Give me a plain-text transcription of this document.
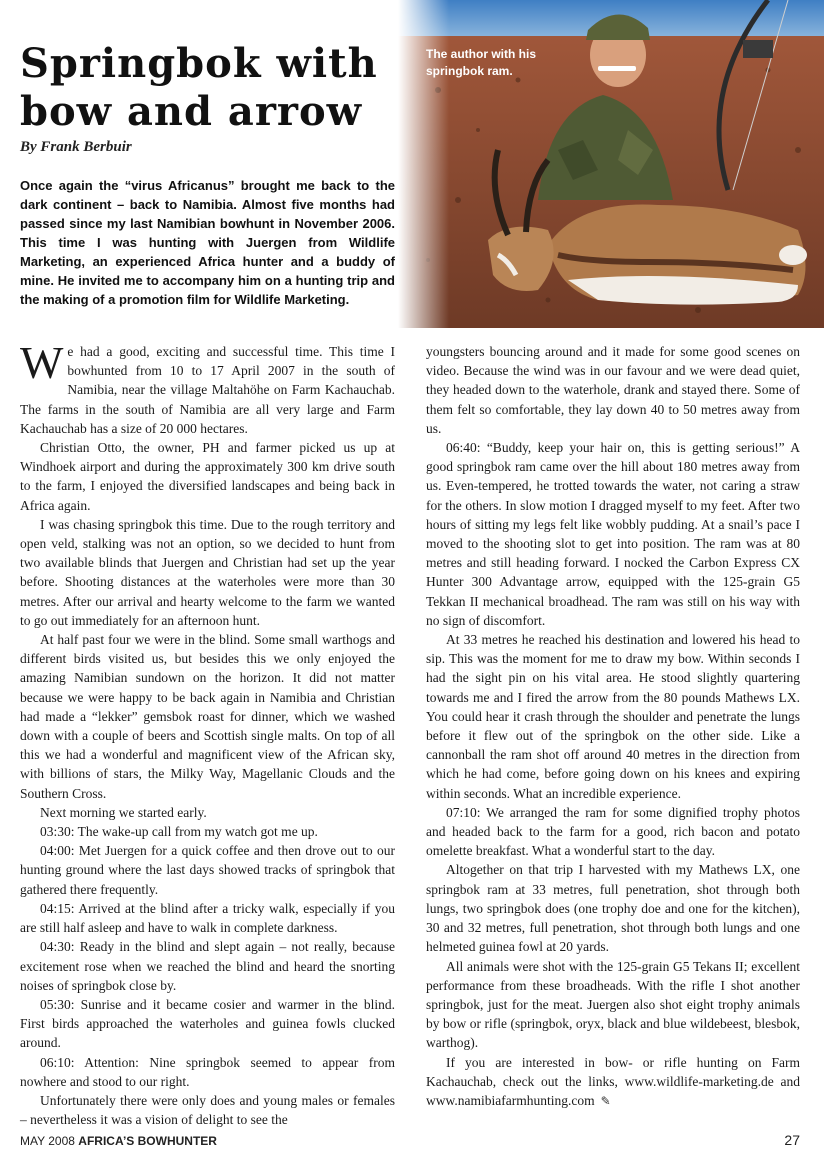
Springbok with bow and arrow
By Frank Berbuir

Once again the “virus Africanus” brought me back to the dark continent – back to Namibia. Almost five months had passed since my last Namibian bowhunt in November 2006. This time I was hunting with Juergen from Wildlife Marketing, an experienced Africa hunter and a buddy of mine. He invited me to accompany him on a hunting trip and the making of a promotion film for Wildlife Marketing.

The author with his springbok ram.

We had a good, exciting and successful time. This time I bowhunted from 10 to 17 April 2007 in the south of Namibia, near the village Maltahöhe on Farm Kachauchab. The farms in the south of Namibia are all very large and Farm Kachauchab has a size of 20 000 hectares.

Christian Otto, the owner, PH and farmer picked us up at Windhoek airport and during the approximately 300 km drive south to the farm, I enjoyed the diversified landscapes and being back in Africa again.

I was chasing springbok this time. Due to the rough territory and open veld, stalking was not an option, so we decided to hunt from two available blinds that Juergen and Christian had set up the year before. Shooting distances at the waterholes were more than 30 metres. After our arrival and hearty welcome to the farm we wanted to go out immediately for an afternoon hunt.

At half past four we were in the blind. Some small warthogs and different birds visited us, but besides this we only enjoyed the amazing Namibian sundown on the horizon. It did not matter because we were happy to be back again in Namibia and Christian had made a “lekker” gemsbok roast for dinner, which we washed down with a couple of beers and Scottish single malts. On top of all this we had a wonderful and magnificent view of the African sky, with billions of stars, the Milky Way, Magellanic Clouds and the Southern Cross.

Next morning we started early.

03:30: The wake-up call from my watch got me up.

04:00: Met Juergen for a quick coffee and then drove out to our hunting ground where the last days showed tracks of springbok that gathered there frequently.

04:15: Arrived at the blind after a tricky walk, especially if you are still half asleep and have to walk in complete darkness.

04:30: Ready in the blind and slept again – not really, because excitement rose when we reached the blind and heard the snorting noises of springbok close by.

05:30: Sunrise and it became cosier and warmer in the blind. First birds approached the waterholes and guinea fowls clucked around.

06:10: Attention: Nine springbok seemed to appear from nowhere and stood to our right.

Unfortunately there were only does and young males or females – nevertheless it was a vision of delight to see the

youngsters bouncing around and it made for some good scenes on video. Because the wind was in our favour and we were dead quiet, they headed down to the waterhole, drank and stayed there. Some of them felt so comfortable, they lay down 40 to 50 metres away from us.

06:40: “Buddy, keep your hair on, this is getting serious!” A good springbok ram came over the hill about 180 metres away from us. Even-tempered, he trotted towards the water, not caring a straw for the others. In slow motion I dragged myself to my feet. After two hours of sitting my legs felt like wobbly pudding. At a snail’s pace I moved to the shooting slot to get into position. The ram was at 80 metres and still heading forward. I nocked the Carbon Express CX Hunter 300 Advantage arrow, equipped with the 125-grain G5 Tekkan II mechanical broadhead. The ram was still on his way with no sign of discomfort.

At 33 metres he reached his destination and lowered his head to sip. This was the moment for me to draw my bow. Within seconds I had the sight pin on his vital area. He stood slightly quartering towards me and I fired the arrow from the 80 pounds Mathews LX. You could hear it crash through the shoulder and penetrate the lungs before it flew out of the springbok on the other side. Like a cannonball the ram shot off around 40 metres in the direction from which he had come, before going down on his knees and expiring within seconds. What an incredible experience.

07:10: We arranged the ram for some dignified trophy photos and headed back to the farm for a good, rich bacon and potato omelette breakfast. What a wonderful start to the day.

Altogether on that trip I harvested with my Mathews LX, one springbok ram at 33 metres, full penetration, shot through both lungs, two springbok does (one trophy doe and one for the kitchen), 30 and 32 metres, full penetration, shot through both lungs and one helmeted guinea fowl at 20 yards.

All animals were shot with the 125-grain G5 Tekans II; excellent performance from these broadheads. With the rifle I shot another springbok, just for the meat. Juergen also shot eight trophy animals by bow or rifle (springbok, oryx, black and blue wildebeest, blesbok, warthog).

If you are interested in bow- or rifle hunting on Farm Kachauchab, check out the links, www.wildlife-marketing.de and www.namibiafarmhunting.com ✎

MAY 2008 AFRICA’S BOWHUNTER	27
